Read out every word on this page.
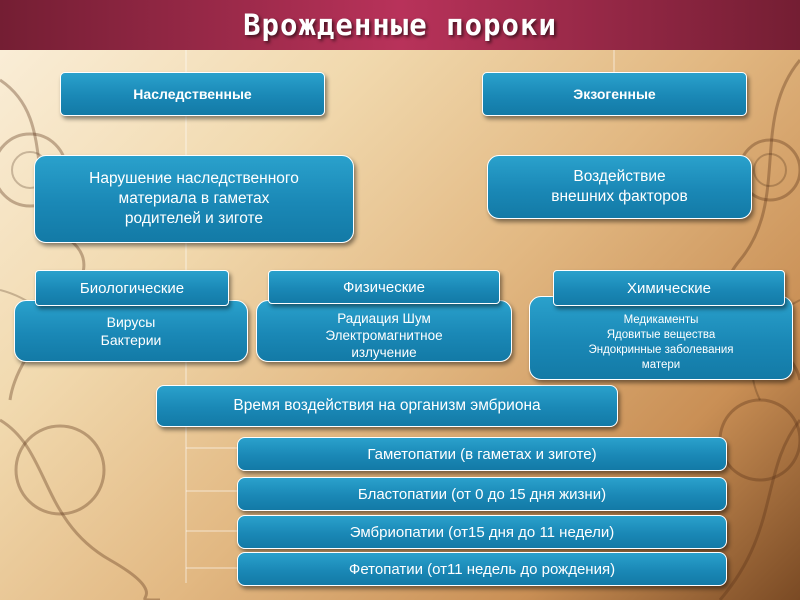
Врожденные пороки
Наследственные	Экзогенные
Нарушение наследственного
материала в гаметах
родителей и зиготе
Воздействие
внешних факторов
Вирусы
Бактерии
Радиация Шум
Электромагнитное
излучение
Медикаменты
Ядовитые вещества
Эндокринные заболевания
матери
Биологические	Физические	Химические
Время воздействия на организм эмбриона
Гаметопатии (в гаметах и зиготе)
Бластопатии (от 0 до 15 дня жизни)
Эмбриопатии (от15 дня до 11 недели)
Фетопатии (от11 недель до рождения)
